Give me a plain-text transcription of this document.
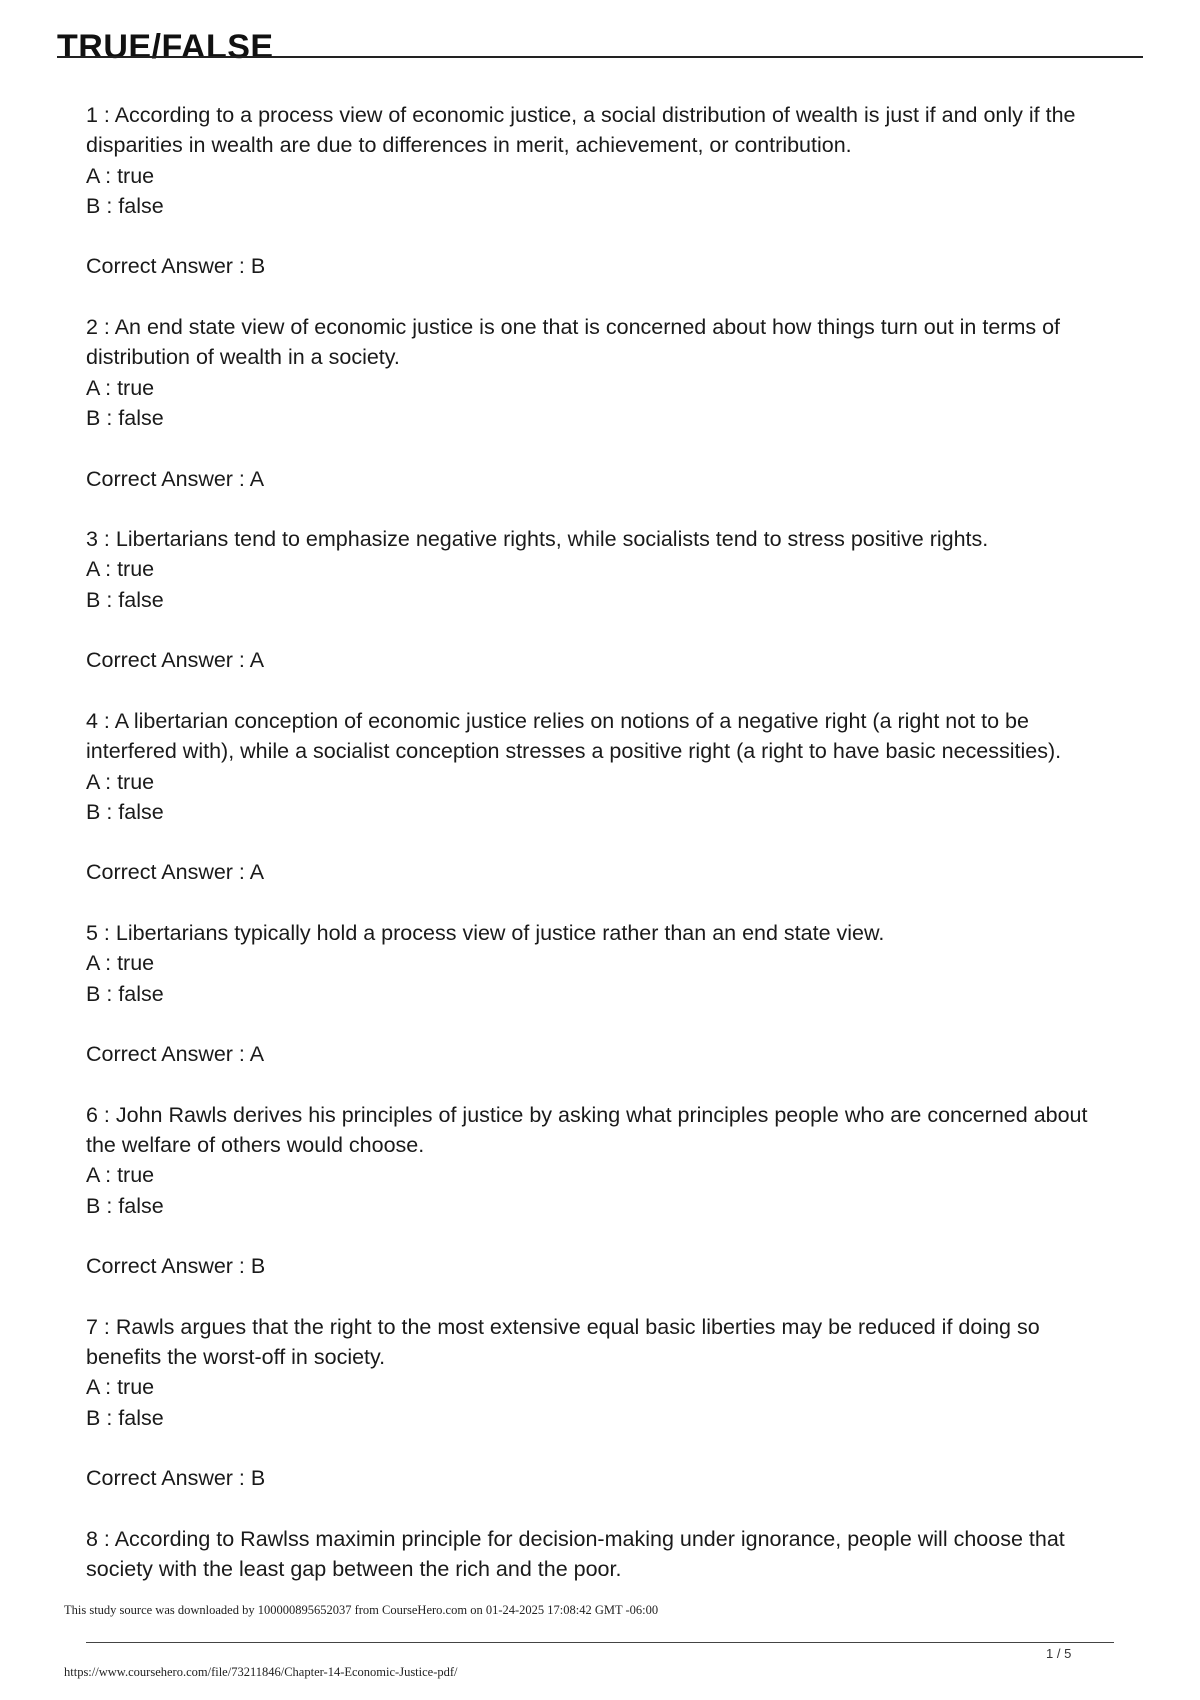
TRUE/FALSE

1 : According to a process view of economic justice, a social distribution of wealth is just if and only if the disparities in wealth are due to differences in merit, achievement, or contribution.

A : true

B : false

Correct Answer : B

2 : An end state view of economic justice is one that is concerned about how things turn out in terms of distribution of wealth in a society.

A : true

B : false

Correct Answer : A

3 : Libertarians tend to emphasize negative rights, while socialists tend to stress positive rights.

A : true

B : false

Correct Answer : A

4 : A libertarian conception of economic justice relies on notions of a negative right (a right not to be interfered with), while a socialist conception stresses a positive right (a right to have basic necessities).

A : true

B : false

Correct Answer : A

5 : Libertarians typically hold a process view of justice rather than an end state view.

A : true

B : false

Correct Answer : A

6 : John Rawls derives his principles of justice by asking what principles people who are concerned about the welfare of others would choose.

A : true

B : false

Correct Answer : B

7 : Rawls argues that the right to the most extensive equal basic liberties may be reduced if doing so benefits the worst-off in society.

A : true

B : false

Correct Answer : B

8 : According to Rawlss maximin principle for decision-making under ignorance, people will choose that society with the least gap between the rich and the poor.

This study source was downloaded by 100000895652037 from CourseHero.com on 01-24-2025 17:08:42 GMT -06:00
1 / 5
https://www.coursehero.com/file/73211846/Chapter-14-Economic-Justice-pdf/
